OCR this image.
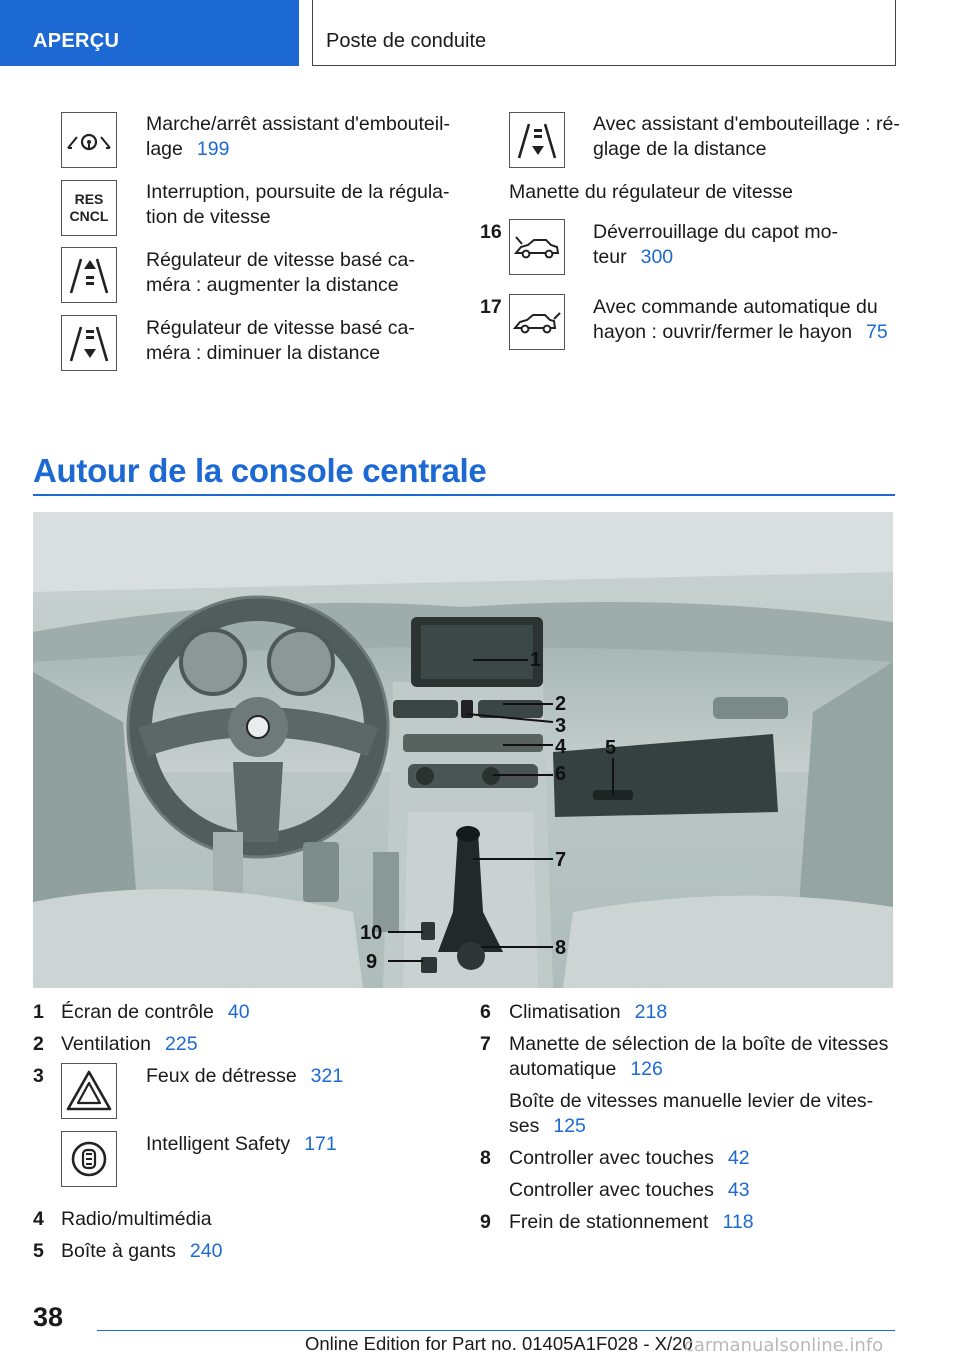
APERÇU	Poste de conduite
Marche/arrêt assistant d'embouteil-
lage 199
RES
CNCL
Interruption, poursuite de la régula-
tion de vitesse
Régulateur de vitesse basé ca-
méra : augmenter la distance
Régulateur de vitesse basé ca-
méra : diminuer la distance
Avec assistant d'embouteillage : ré-
glage de la distance
Manette du régulateur de vitesse
16	Déverrouillage du capot mo-
teur 300
17	Avec commande automatique du
hayon : ouvrir/fermer le hayon 75
Autour de la console centrale
1
2
3
4 5
6
7
8
9
10
1 Écran de contrôle 40
2 Ventilation 225
3	Feux de détresse 321
Intelligent Safety 171
4 Radio/multimédia
5 Boîte à gants 240
6 Climatisation 218
7 Manette de sélection de la boîte de vitesses
automatique 126
Boîte de vitesses manuelle levier de vites-
ses 125
8 Controller avec touches 42
Controller avec touches 43
9 Frein de stationnement 118
38
Online Edition for Part no. 01405A1F028 - X/20
carmanualsonline.info
